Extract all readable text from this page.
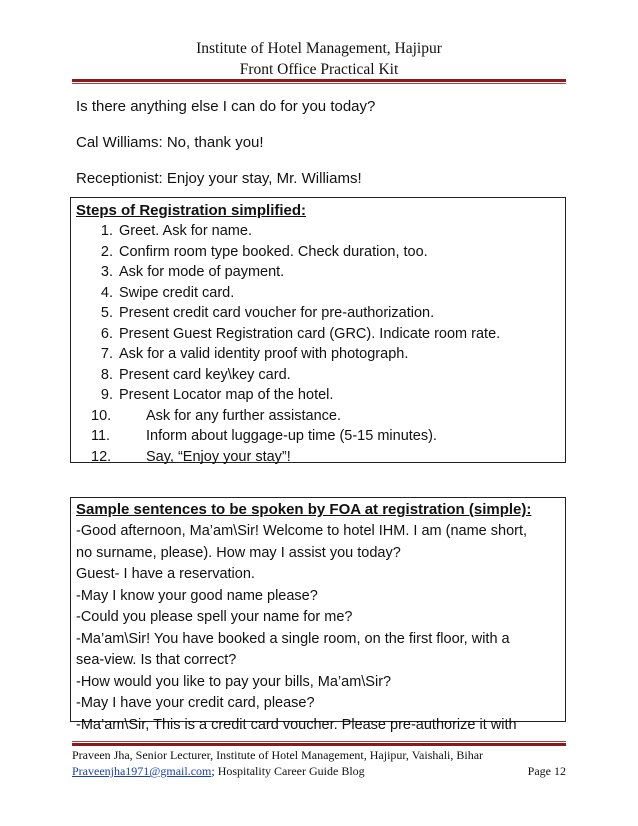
Institute of Hotel Management, Hajipur
Front Office Practical Kit
Is there anything else I can do for you today?
Cal Williams: No, thank you!
Receptionist: Enjoy your stay, Mr. Williams!
Steps of Registration simplified:
1. Greet. Ask for name.
2. Confirm room type booked. Check duration, too.
3. Ask for mode of payment.
4. Swipe credit card.
5. Present credit card voucher for pre-authorization.
6. Present Guest Registration card (GRC). Indicate room rate.
7. Ask for a valid identity proof with photograph.
8. Present card key\key card.
9. Present Locator map of the hotel.
10.	Ask for any further assistance.
11.	Inform about luggage-up time (5-15 minutes).
12.	Say, “Enjoy your stay”!
Sample sentences to be spoken by FOA at registration (simple):

-Good afternoon, Ma’am\Sir! Welcome to hotel IHM. I am (name short,

no surname, please). How may I assist you today?

Guest- I have a reservation.

-May I know your good name please?

-Could you please spell your name for me?

-Ma’am\Sir! You have booked a single room, on the first floor, with a

sea-view. Is that correct?

-How would you like to pay your bills, Ma’am\Sir?

-May I have your credit card, please?

-Ma’am\Sir, This is a credit card voucher. Please pre-authorize it with

Praveen Jha, Senior Lecturer, Institute of Hotel Management, Hajipur, Vaishali, Bihar
Praveenjha1971@gmail.com; Hospitality Career Guide Blog	Page 12
